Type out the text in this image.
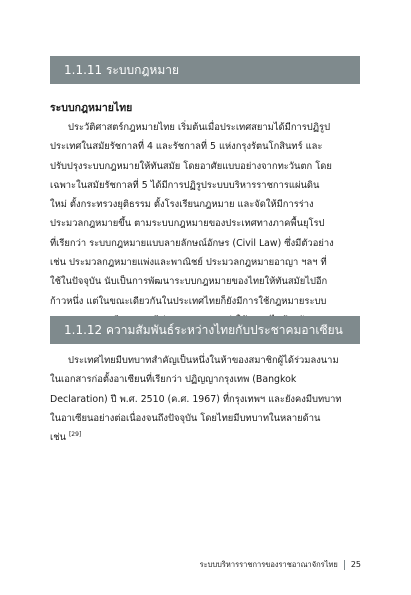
1.1.11 ระบบกฎหมาย
ระบบกฎหมายไทย
ประวัติศาสตร์กฎหมายไทย เริ่มต้นเมื่อประเทศสยามได้มีการปฏิรูป
ประเทศในสมัยรัชกาลที่ 4 และรัชกาลที่ 5 แห่งกรุงรัตนโกสินทร์ และ
ปรับปรุงระบบกฎหมายให้ทันสมัย โดยอาศัยแบบอย่างจากทะวันตก โดย
เฉพาะในสมัยรัชกาลที่ 5 ได้มีการปฏิรูประบบบริหารราชการแผ่นดิน
ใหม่ ตั้งกระทรวงยุติธรรม ตั้งโรงเรียนกฎหมาย และจัดให้มีการร่าง
ประมวลกฎหมายขึ้น ตามระบบกฎหมายของประเทศทางภาคพื้นยุโรป
ที่เรียกว่า ระบบกฎหมายแบบลายลักษณ์อักษร (Civil Law) ซึ่งมีตัวอย่าง
เช่น ประมวลกฎหมายแพ่งและพาณิชย์ ประมวลกฎหมายอาญา ฯลฯ ที่
ใช้ในปัจจุบัน นับเป็นการพัฒนาระบบกฎหมายของไทยให้ทันสมัยไปอีก
ก้าวหนึ่ง แต่ในขณะเดียวกันในประเทศไทยก็ยังมีการใช้กฎหมายระบบ
1.1.12 ความสัมพันธ์ระหว่างไทยกับประชาคมอาเซียน
ประเทศไทยมีบทบาทสำคัญเป็นหนึ่งในห้าของสมาชิกผู้ได้ร่วมลงนาม
ในเอกสารก่อตั้งอาเซียนที่เรียกว่า ปฏิญญากรุงเทพ (Bangkok
Declaration) ปี พ.ศ. 2510 (ค.ศ. 1967) ที่กรุงเทพฯ และยังคงมีบทบาท
ในอาเซียนอย่างต่อเนื่องจนถึงปัจจุบัน โดยไทยมีบทบาทในหลายด้าน
เช่น [29]
ระบบบริหารราชการของราชอาณาจักรไทย 25
